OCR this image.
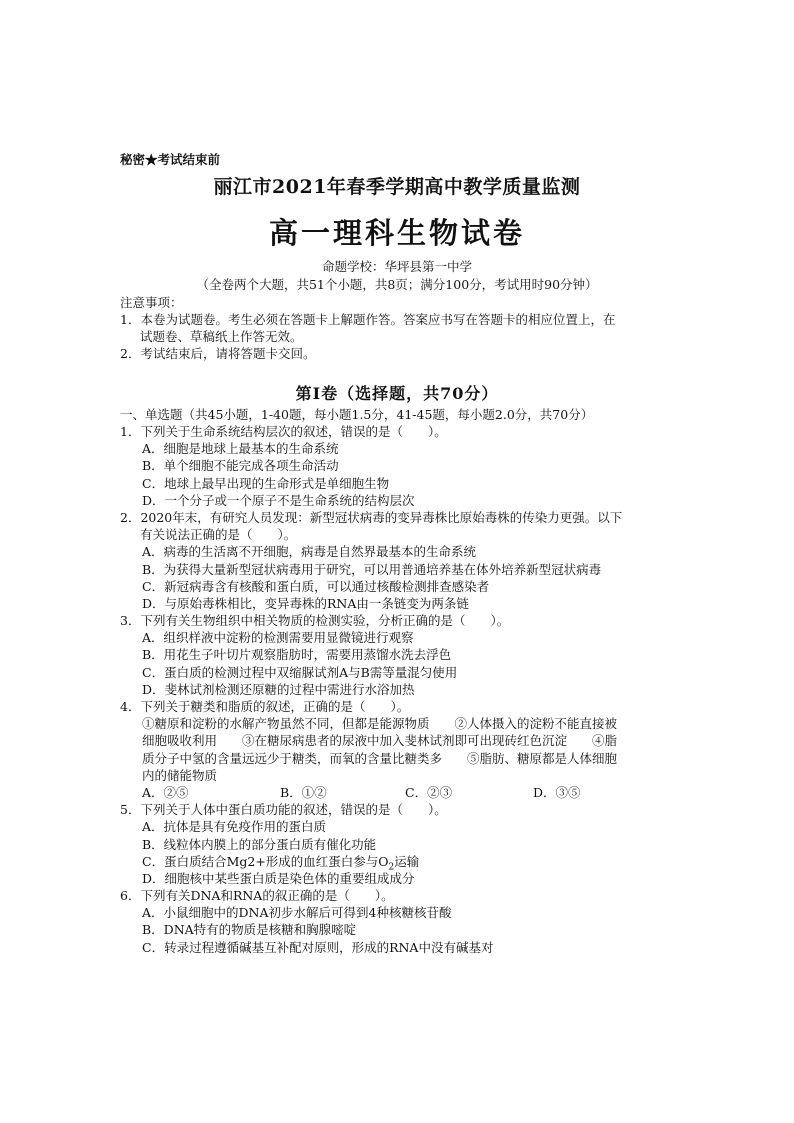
秘密★考试结束前
丽江市2021年春季学期高中教学质量监测
高一理科生物试卷
命题学校：华坪县第一中学
（全卷两个大题，共51个小题，共8页；满分100分，考试用时90分钟）
注意事项：
1．本卷为试题卷。考生必须在答题卡上解题作答。答案应书写在答题卡的相应位置上，在
试题卷、草稿纸上作答无效。
2．考试结束后，请将答题卡交回。
第Ⅰ卷（选择题，共70分）
一、单选题（共45小题，1-40题，每小题1.5分，41-45题，每小题2.0分，共70分）
1．下列关于生命系统结构层次的叙述，错误的是（　　）。
A．细胞是地球上最基本的生命系统
B．单个细胞不能完成各项生命活动
C．地球上最早出现的生命形式是单细胞生物
D．一个分子或一个原子不是生命系统的结构层次
2．2020年末，有研究人员发现：新型冠状病毒的变异毒株比原始毒株的传染力更强。以下
有关说法正确的是（　　）。
A．病毒的生活离不开细胞，病毒是自然界最基本的生命系统
B．为获得大量新型冠状病毒用于研究，可以用普通培养基在体外培养新型冠状病毒
C．新冠病毒含有核酸和蛋白质，可以通过核酸检测排查感染者
D．与原始毒株相比，变异毒株的RNA由一条链变为两条链
3．下列有关生物组织中相关物质的检测实验，分析正确的是（　　）。
A．组织样液中淀粉的检测需要用显微镜进行观察
B．用花生子叶切片观察脂肪时，需要用蒸馏水洗去浮色
C．蛋白质的检测过程中双缩脲试剂A与B需等量混匀使用
D．斐林试剂检测还原糖的过程中需进行水浴加热
4．下列关于糖类和脂质的叙述，正确的是（　　）。
①糖原和淀粉的水解产物虽然不同，但都是能源物质　　②人体摄入的淀粉不能直接被
细胞吸收利用　　③在糖尿病患者的尿液中加入斐林试剂即可出现砖红色沉淀　　④脂
质分子中氢的含量远远少于糖类，而氧的含量比糖类多　　⑤脂肪、糖原都是人体细胞
内的储能物质
A．②⑤	B．①②	C．②③	D．③⑤
5．下列关于人体中蛋白质功能的叙述，错误的是（　　）。
A．抗体是具有免疫作用的蛋白质
B．线粒体内膜上的部分蛋白质有催化功能
C．蛋白质结合Mg2+形成的血红蛋白参与$O_2$运输
D．细胞核中某些蛋白质是染色体的重要组成成分
6．下列有关DNA和RNA的叙正确的是（　　）。
A．小鼠细胞中的DNA初步水解后可得到4种核糖核苷酸
B．DNA特有的物质是核糖和胸腺嘧啶
C．转录过程遵循碱基互补配对原则，形成的RNA中没有碱基对
